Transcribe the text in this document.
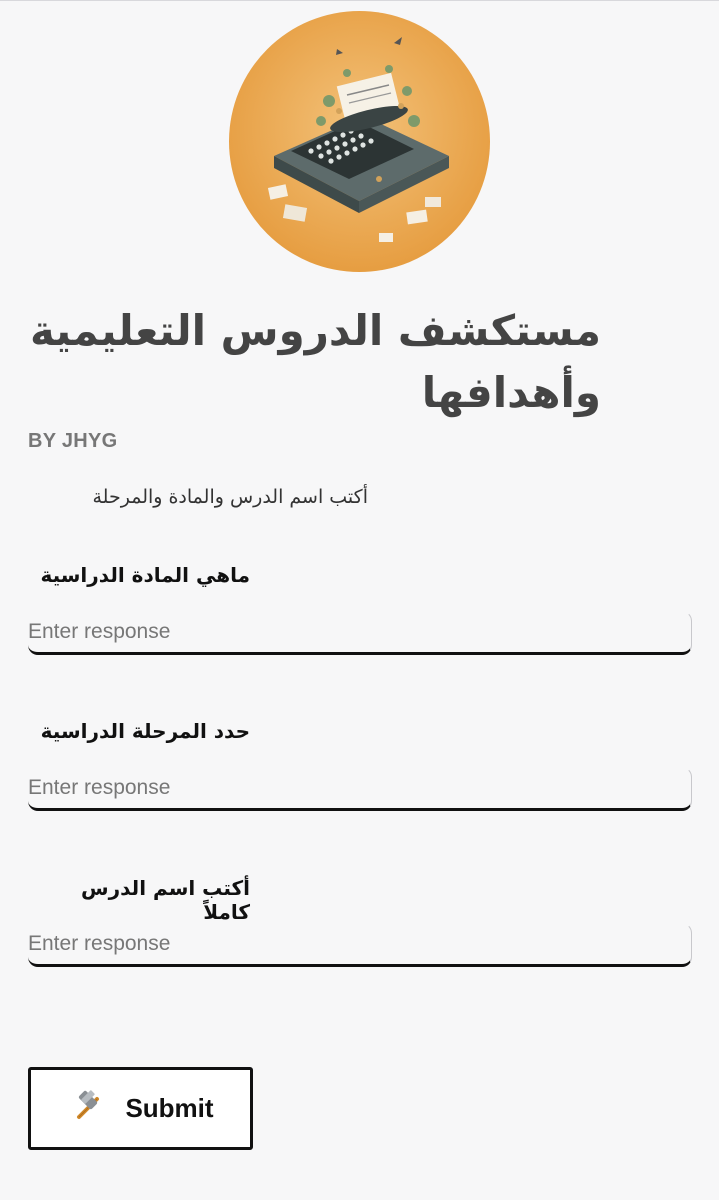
مستكشف الدروس التعليمية وأهدافها
BY JHYG
أكتب اسم الدرس والمادة والمرحلة
ماهي المادة الدراسية
Enter response
حدد المرحلة الدراسية
Enter response
أكتب اسم الدرس كاملاً
Enter response
Submit
